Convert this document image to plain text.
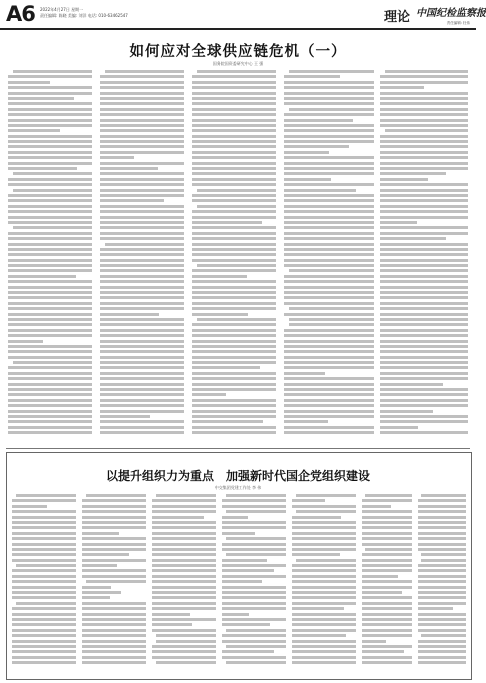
A6 2022年4月27日 星期一
责任编辑: 陈晓 美编: 刘洋 电话: 010-63462547	理论 中国纪检监察报
责任编辑: 杜伟
如何应对全球供应链危机（一）
国务院国资委研究中心 王 强
以提升组织力为重点　加强新时代国企党组织建设
中交集团党建工作处 李 伟
